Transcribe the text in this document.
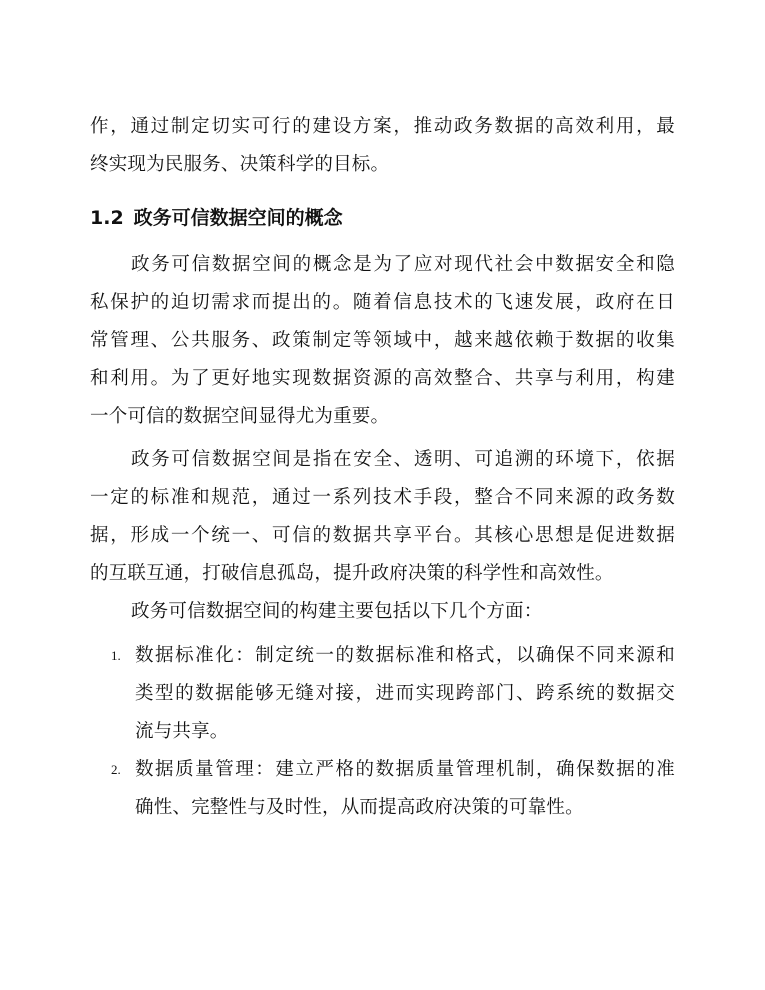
作，通过制定切实可行的建设方案，推动政务数据的高效利用，最
终实现为民服务、决策科学的目标。
1.2 政务可信数据空间的概念
政务可信数据空间的概念是为了应对现代社会中数据安全和隐
私保护的迫切需求而提出的。随着信息技术的飞速发展，政府在日
常管理、公共服务、政策制定等领域中，越来越依赖于数据的收集
和利用。为了更好地实现数据资源的高效整合、共享与利用，构建
一个可信的数据空间显得尤为重要。
政务可信数据空间是指在安全、透明、可追溯的环境下，依据
一定的标准和规范，通过一系列技术手段，整合不同来源的政务数
据，形成一个统一、可信的数据共享平台。其核心思想是促进数据
的互联互通，打破信息孤岛，提升政府决策的科学性和高效性。
政务可信数据空间的构建主要包括以下几个方面：
1. 数据标准化：制定统一的数据标准和格式，以确保不同来源和
类型的数据能够无缝对接，进而实现跨部门、跨系统的数据交
流与共享。
2. 数据质量管理：建立严格的数据质量管理机制，确保数据的准
确性、完整性与及时性，从而提高政府决策的可靠性。
